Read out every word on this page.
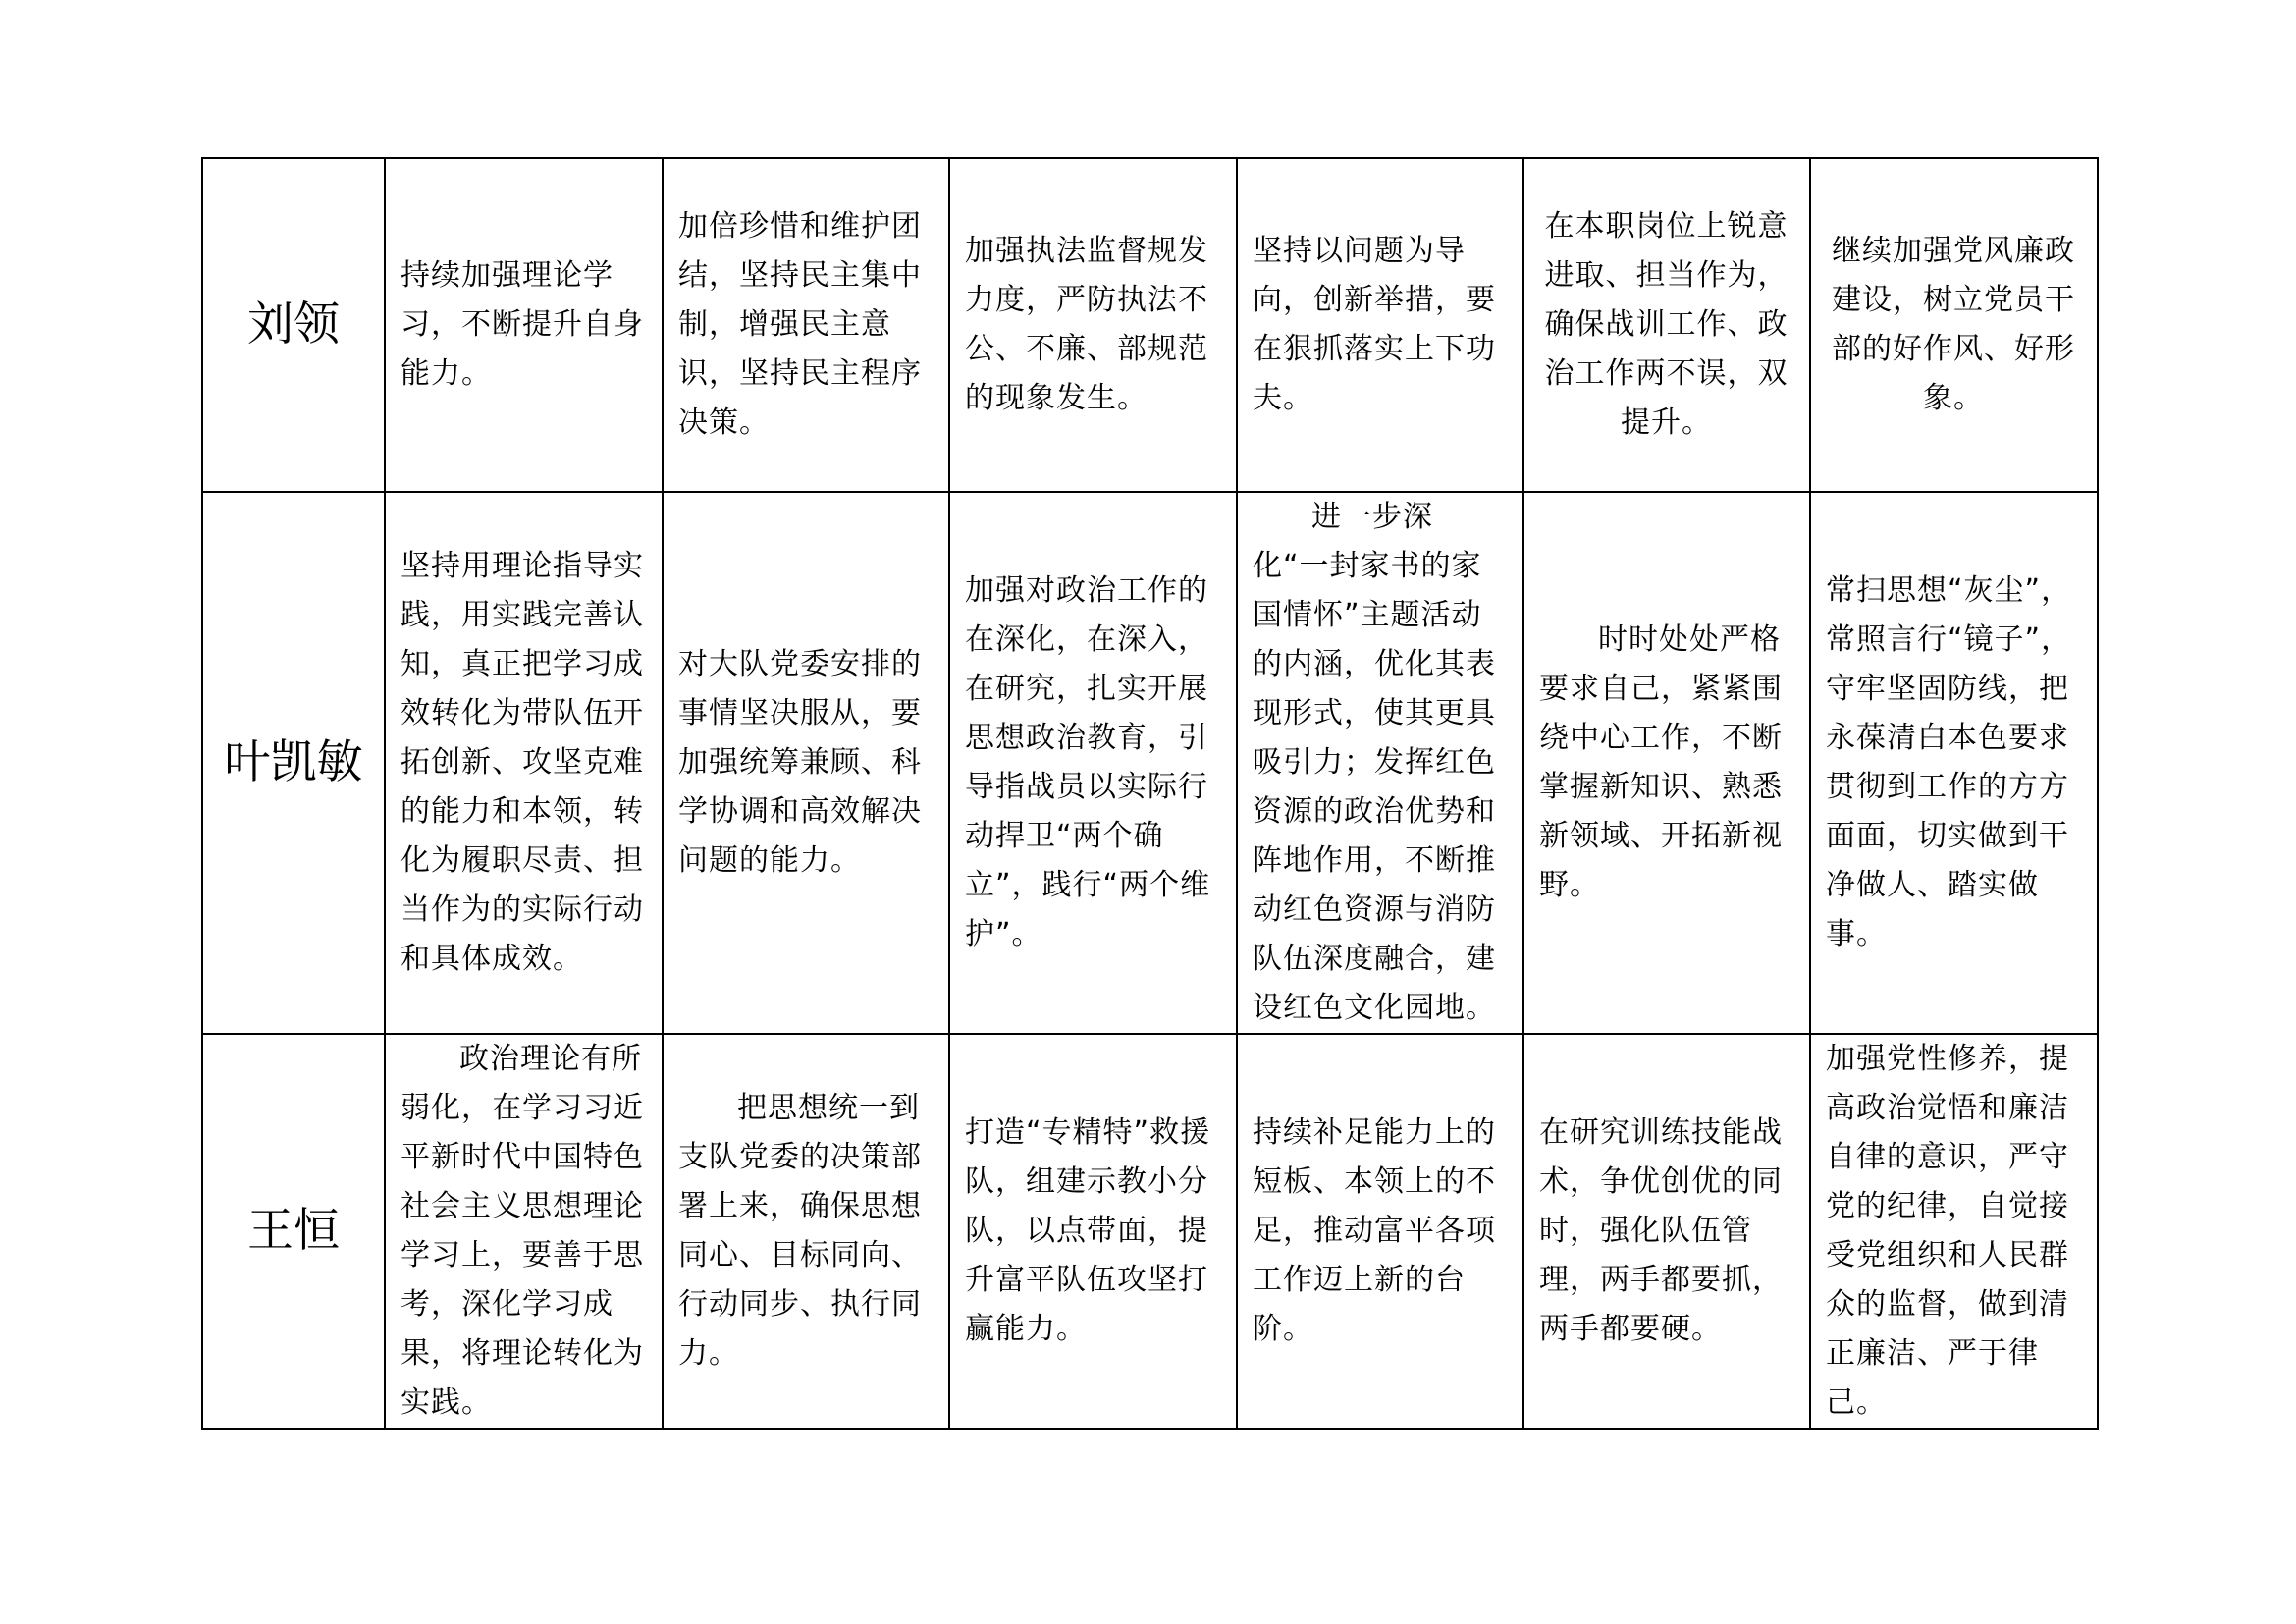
刘领	持续加强理论学习，不断提升自身能力。	加倍珍惜和维护团结，坚持民主集中制，增强民主意识，坚持民主程序决策。	加强执法监督规发力度，严防执法不公、不廉、部规范的现象发生。	坚持以问题为导向，创新举措，要在狠抓落实上下功夫。	在本职岗位上锐意进取、担当作为，确保战训工作、政治工作两不误，双提升。	继续加强党风廉政建设，树立党员干部的好作风、好形象。
叶凯敏	坚持用理论指导实践，用实践完善认知，真正把学习成效转化为带队伍开拓创新、攻坚克难的能力和本领，转化为履职尽责、担当作为的实际行动和具体成效。	对大队党委安排的事情坚决服从，要加强统筹兼顾、科学协调和高效解决问题的能力。	加强对政治工作的在深化，在深入，在研究，扎实开展思想政治教育，引导指战员以实际行动捍卫“两个确立”，践行“两个维护”。	进一步深化“一封家书的家国情怀”主题活动的内涵，优化其表现形式，使其更具吸引力；发挥红色资源的政治优势和阵地作用，不断推动红色资源与消防队伍深度融合，建设红色文化园地。	时时处处严格要求自己，紧紧围绕中心工作，不断掌握新知识、熟悉新领域、开拓新视野。	常扫思想“灰尘”，常照言行“镜子”，守牢坚固防线，把永葆清白本色要求贯彻到工作的方方面面，切实做到干净做人、踏实做事。
王恒	政治理论有所弱化，在学习习近平新时代中国特色社会主义思想理论学习上，要善于思考，深化学习成果，将理论转化为实践。	把思想统一到支队党委的决策部署上来，确保思想同心、目标同向、行动同步、执行同力。	打造“专精特”救援队，组建示教小分队，以点带面，提升富平队伍攻坚打赢能力。	持续补足能力上的短板、本领上的不足，推动富平各项工作迈上新的台阶。	在研究训练技能战术，争优创优的同时，强化队伍管理，两手都要抓，两手都要硬。	加强党性修养，提高政治觉悟和廉洁自律的意识，严守党的纪律，自觉接受党组织和人民群众的监督，做到清正廉洁、严于律己。
